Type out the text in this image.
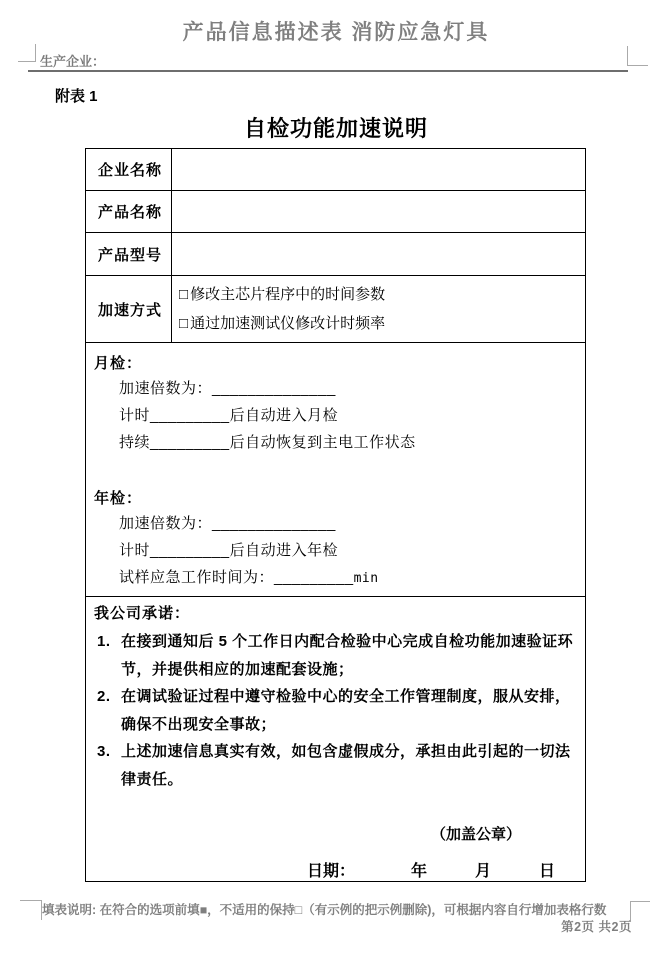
产品信息描述表 消防应急灯具
生产企业：
附表 1
自检功能加速说明
企业名称	
产品名称	
产品型号	
加速方式	□ 修改主芯片程序中的时间参数
□ 通过加速测试仪修改计时频率

月检：
加速倍数为：______________
计时_________后自动进入月检
持续_________后自动恢复到主电工作状态
年检：
加速倍数为：______________
计时_________后自动进入年检
试样应急工作时间为：_________min

我公司承诺：
1. 在接到通知后 5 个工作日内配合检验中心完成自检功能加速验证环节，并提供相应的加速配套设施；
2. 在调试验证过程中遵守检验中心的安全工作管理制度，服从安排，确保不出现安全事故；
3. 上述加速信息真实有效，如包含虚假成分，承担由此引起的一切法律责任。
（加盖公章）
日期：　　　　年　　　月　　　日
填表说明: 在符合的选项前填■，不适用的保持□（有示例的把示例删除)，可根据内容自行增加表格行数
第2页 共2页
